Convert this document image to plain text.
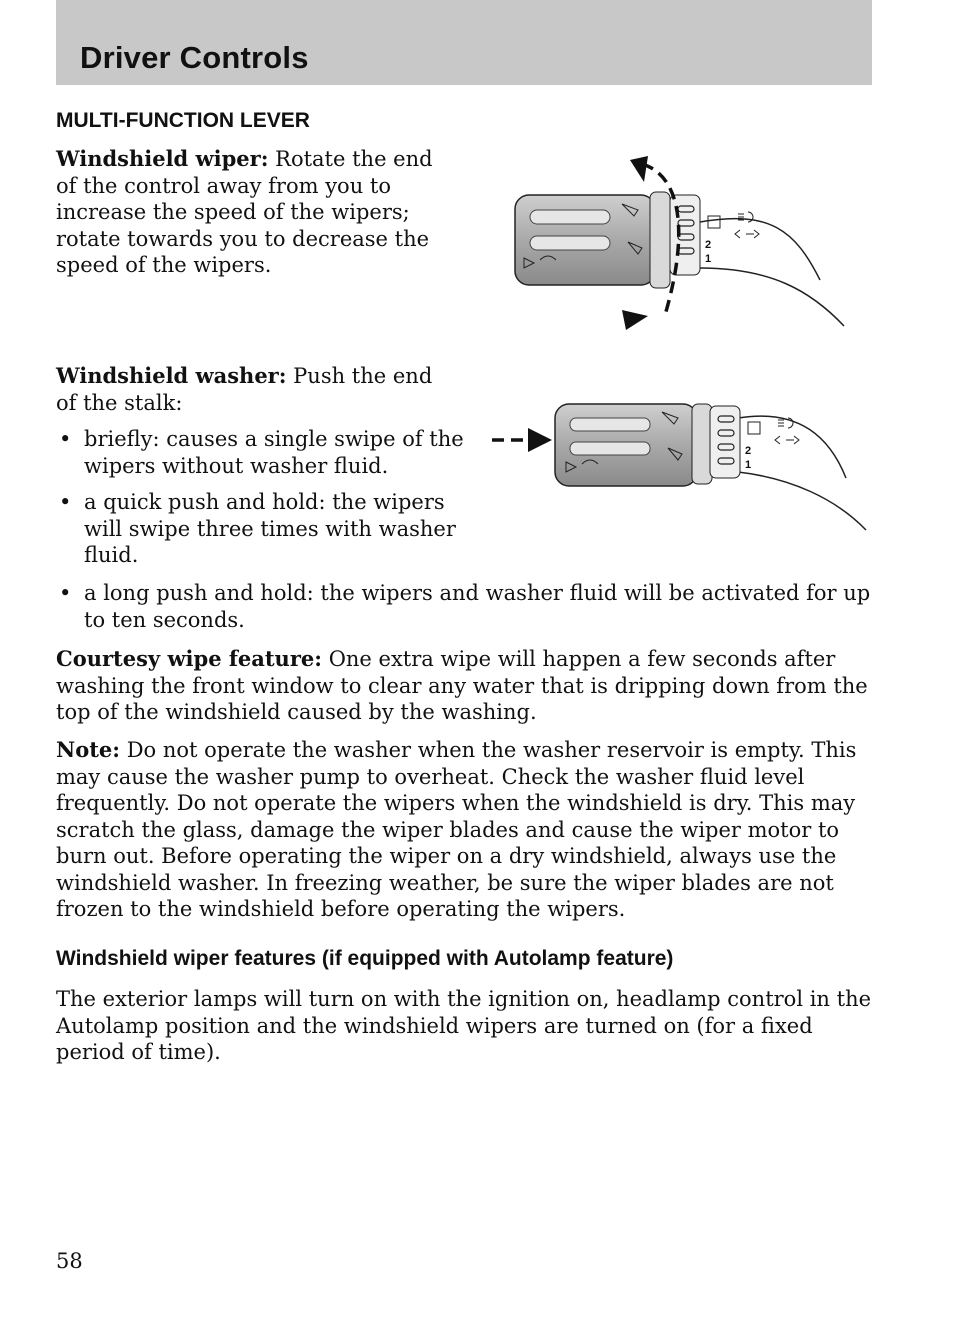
Driver Controls
MULTI-FUNCTION LEVER

Windshield wiper: Rotate the end of the control away from you to increase the speed of the wipers; rotate towards you to decrease the speed of the wipers.

2
1

Windshield washer: Push the end of the stalk:

• briefly: causes a single swipe of the wipers without washer fluid.
• a quick push and hold: the wipers will swipe three times with washer fluid.
2
1
• a long push and hold: the wipers and washer fluid will be activated for up to ten seconds.

Courtesy wipe feature: One extra wipe will happen a few seconds after washing the front window to clear any water that is dripping down from the top of the windshield caused by the washing.

Note: Do not operate the washer when the washer reservoir is empty. This may cause the washer pump to overheat. Check the washer fluid level frequently. Do not operate the wipers when the windshield is dry. This may scratch the glass, damage the wiper blades and cause the wiper motor to burn out. Before operating the wiper on a dry windshield, always use the windshield washer. In freezing weather, be sure the wiper blades are not frozen to the windshield before operating the wipers.

Windshield wiper features (if equipped with Autolamp feature)

The exterior lamps will turn on with the ignition on, headlamp control in the Autolamp position and the windshield wipers are turned on (for a fixed period of time).

58
